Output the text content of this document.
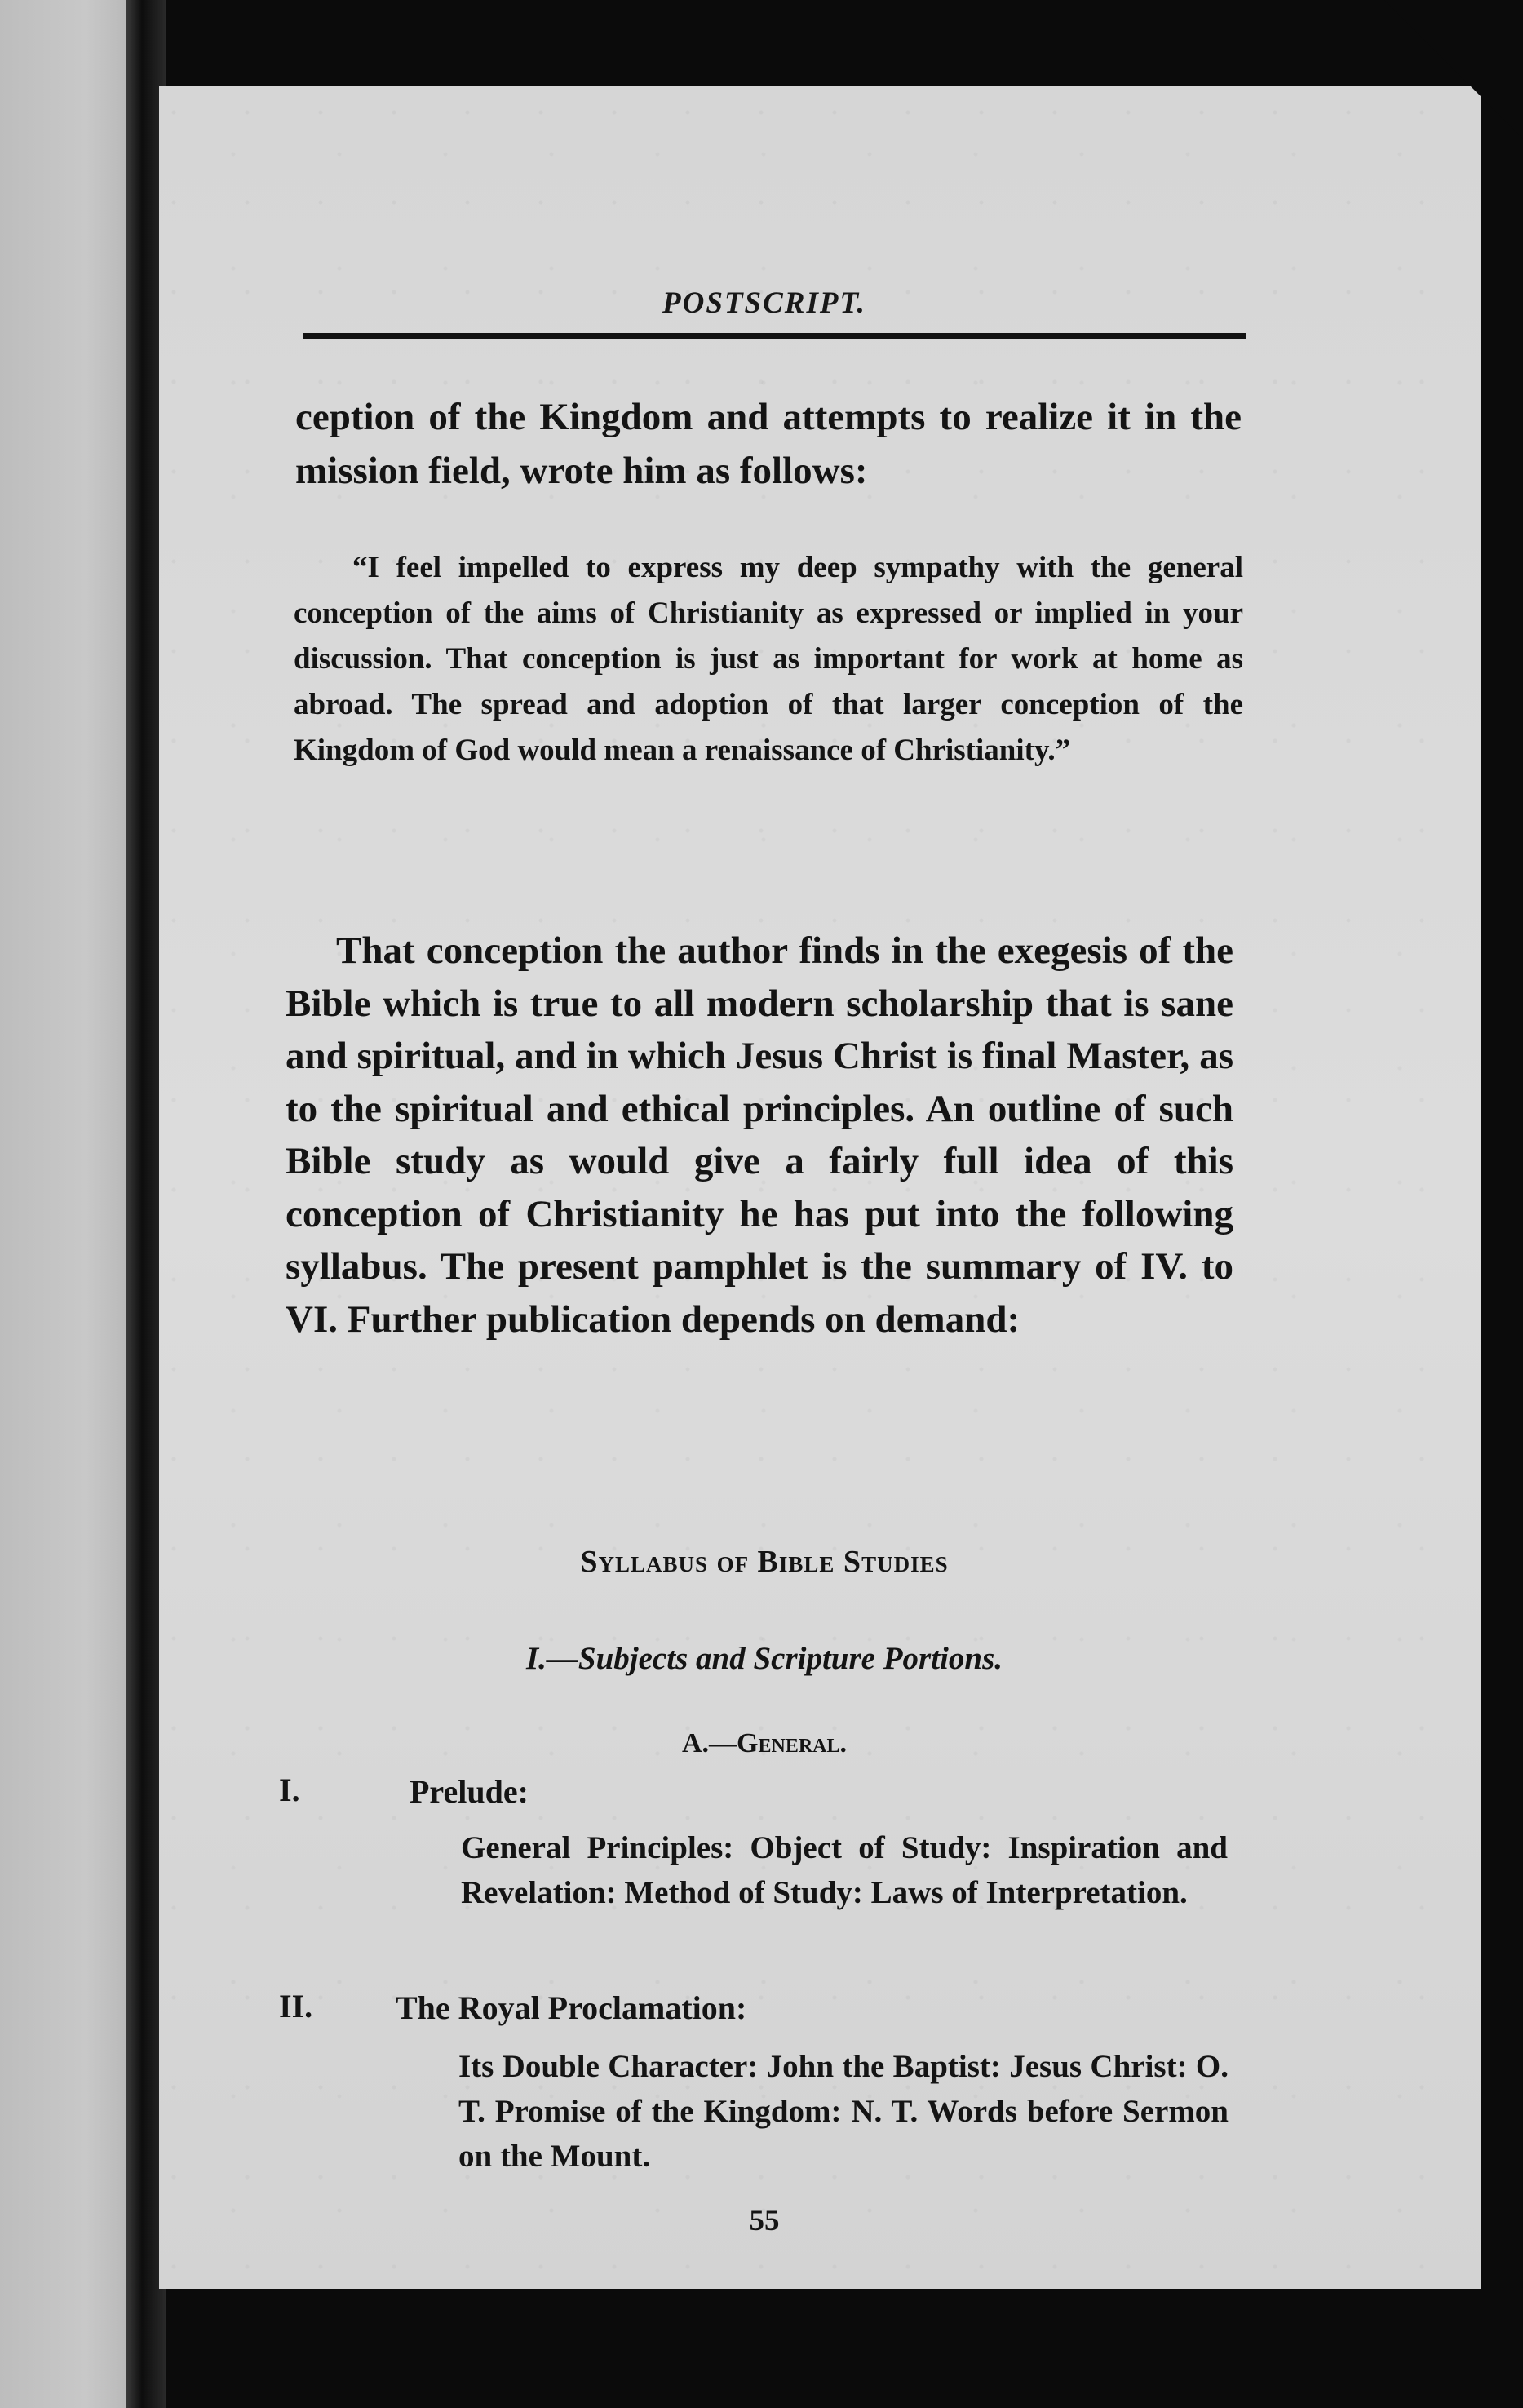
POSTSCRIPT.

ception of the Kingdom and attempts to realize it in the mission field, wrote him as follows:

“I feel impelled to express my deep sympathy with the general conception of the aims of Christianity as expressed or implied in your discussion. That conception is just as important for work at home as abroad. The spread and adoption of that larger conception of the Kingdom of God would mean a renaissance of Christianity.”

That conception the author finds in the exegesis of the Bible which is true to all modern scholarship that is sane and spiritual, and in which Jesus Christ is final Master, as to the spiritual and ethical principles. An outline of such Bible study as would give a fairly full idea of this conception of Christianity he has put into the following syllabus. The present pamphlet is the summary of IV. to VI. Further publication depends on demand:

Syllabus of Bible Studies
I.—Subjects and Scripture Portions.
A.—General.
I.	Prelude:

General Principles: Object of Study: Inspiration and Revelation: Method of Study: Laws of Interpretation.

II.	The Royal Proclamation:

Its Double Character: John the Baptist: Jesus Christ: O. T. Promise of the Kingdom: N. T. Words before Sermon on the Mount.

55
